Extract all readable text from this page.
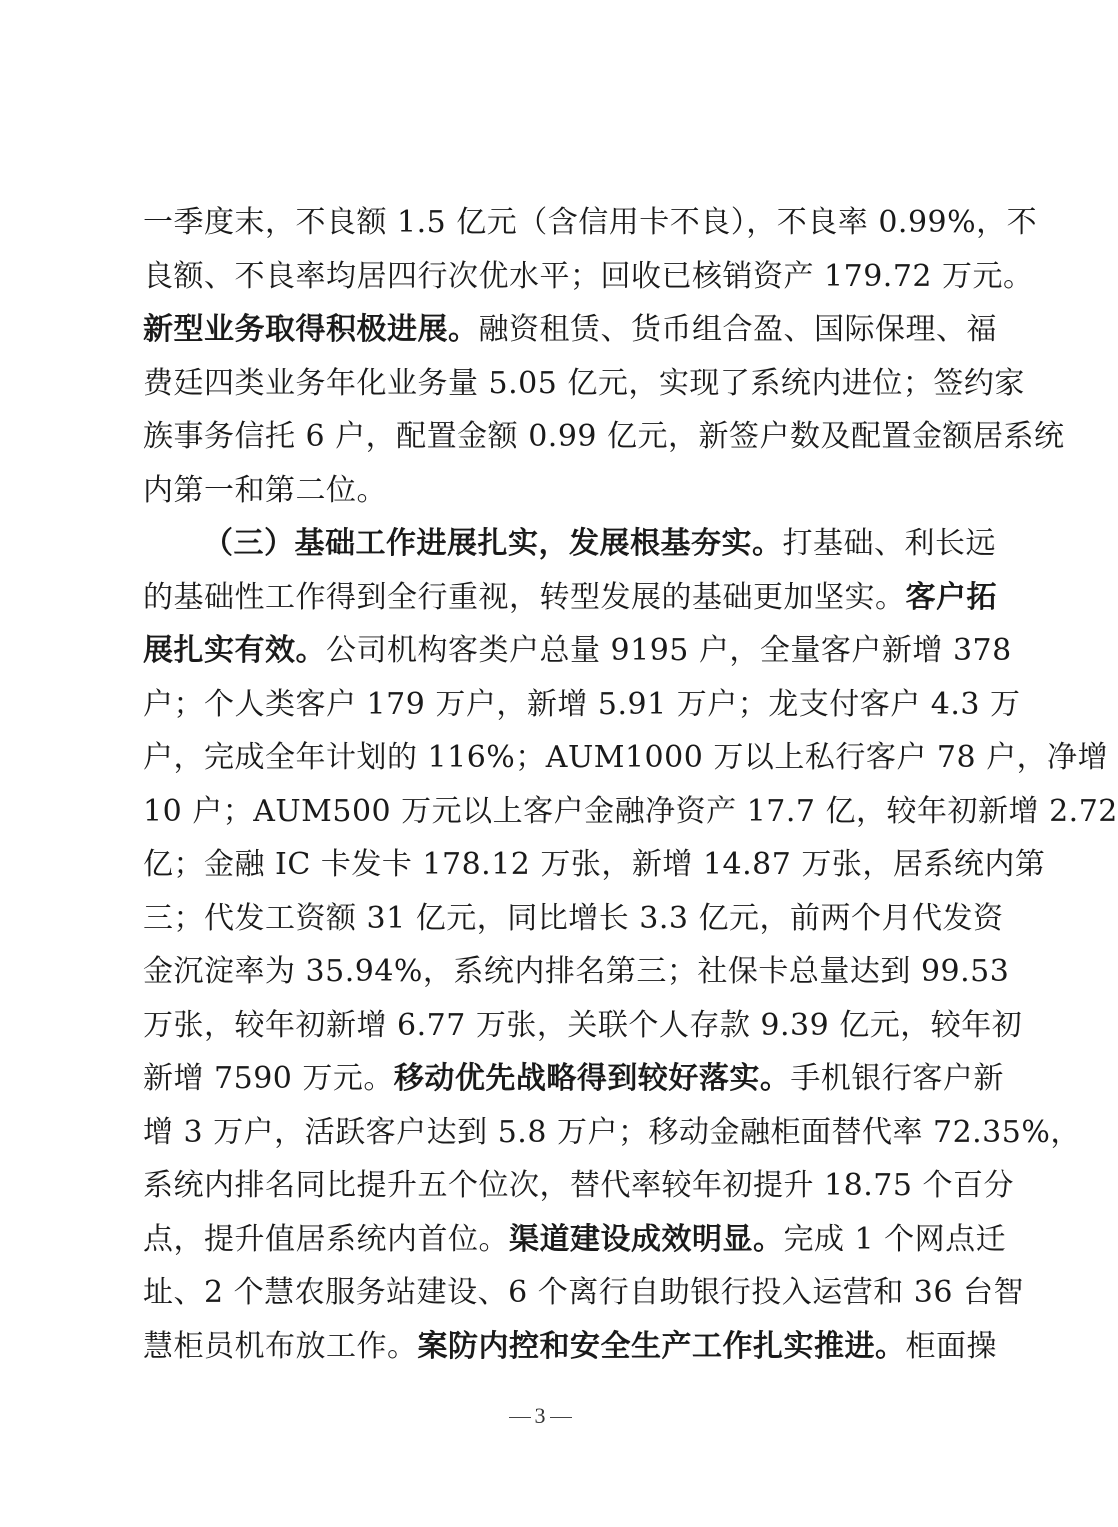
一季度末，不良额 1.5 亿元（含信用卡不良），不良率 0.99%，不
良额、不良率均居四行次优水平；回收已核销资产 179.72 万元。
新型业务取得积极进展。融资租赁、货币组合盈、国际保理、福
费廷四类业务年化业务量 5.05 亿元，实现了系统内进位；签约家
族事务信托 6 户，配置金额 0.99 亿元，新签户数及配置金额居系统
内第一和第二位。
（三）基础工作进展扎实，发展根基夯实。打基础、利长远
的基础性工作得到全行重视，转型发展的基础更加坚实。客户拓
展扎实有效。公司机构客类户总量 9195 户，全量客户新增 378
户；个人类客户 179 万户，新增 5.91 万户；龙支付客户 4.3 万
户，完成全年计划的 116%；AUM1000 万以上私行客户 78 户，净增
10 户；AUM500 万元以上客户金融净资产 17.7 亿，较年初新增 2.72
亿；金融 IC 卡发卡 178.12 万张，新增 14.87 万张，居系统内第
三；代发工资额 31 亿元，同比增长 3.3 亿元，前两个月代发资
金沉淀率为 35.94%，系统内排名第三；社保卡总量达到 99.53
万张，较年初新增 6.77 万张，关联个人存款 9.39 亿元，较年初
新增 7590 万元。移动优先战略得到较好落实。手机银行客户新
增 3 万户，活跃客户达到 5.8 万户；移动金融柜面替代率 72.35%，
系统内排名同比提升五个位次，替代率较年初提升 18.75 个百分
点，提升值居系统内首位。渠道建设成效明显。完成 1 个网点迁
址、2 个慧农服务站建设、6 个离行自助银行投入运营和 36 台智
慧柜员机布放工作。案防内控和安全生产工作扎实推进。柜面操
3
